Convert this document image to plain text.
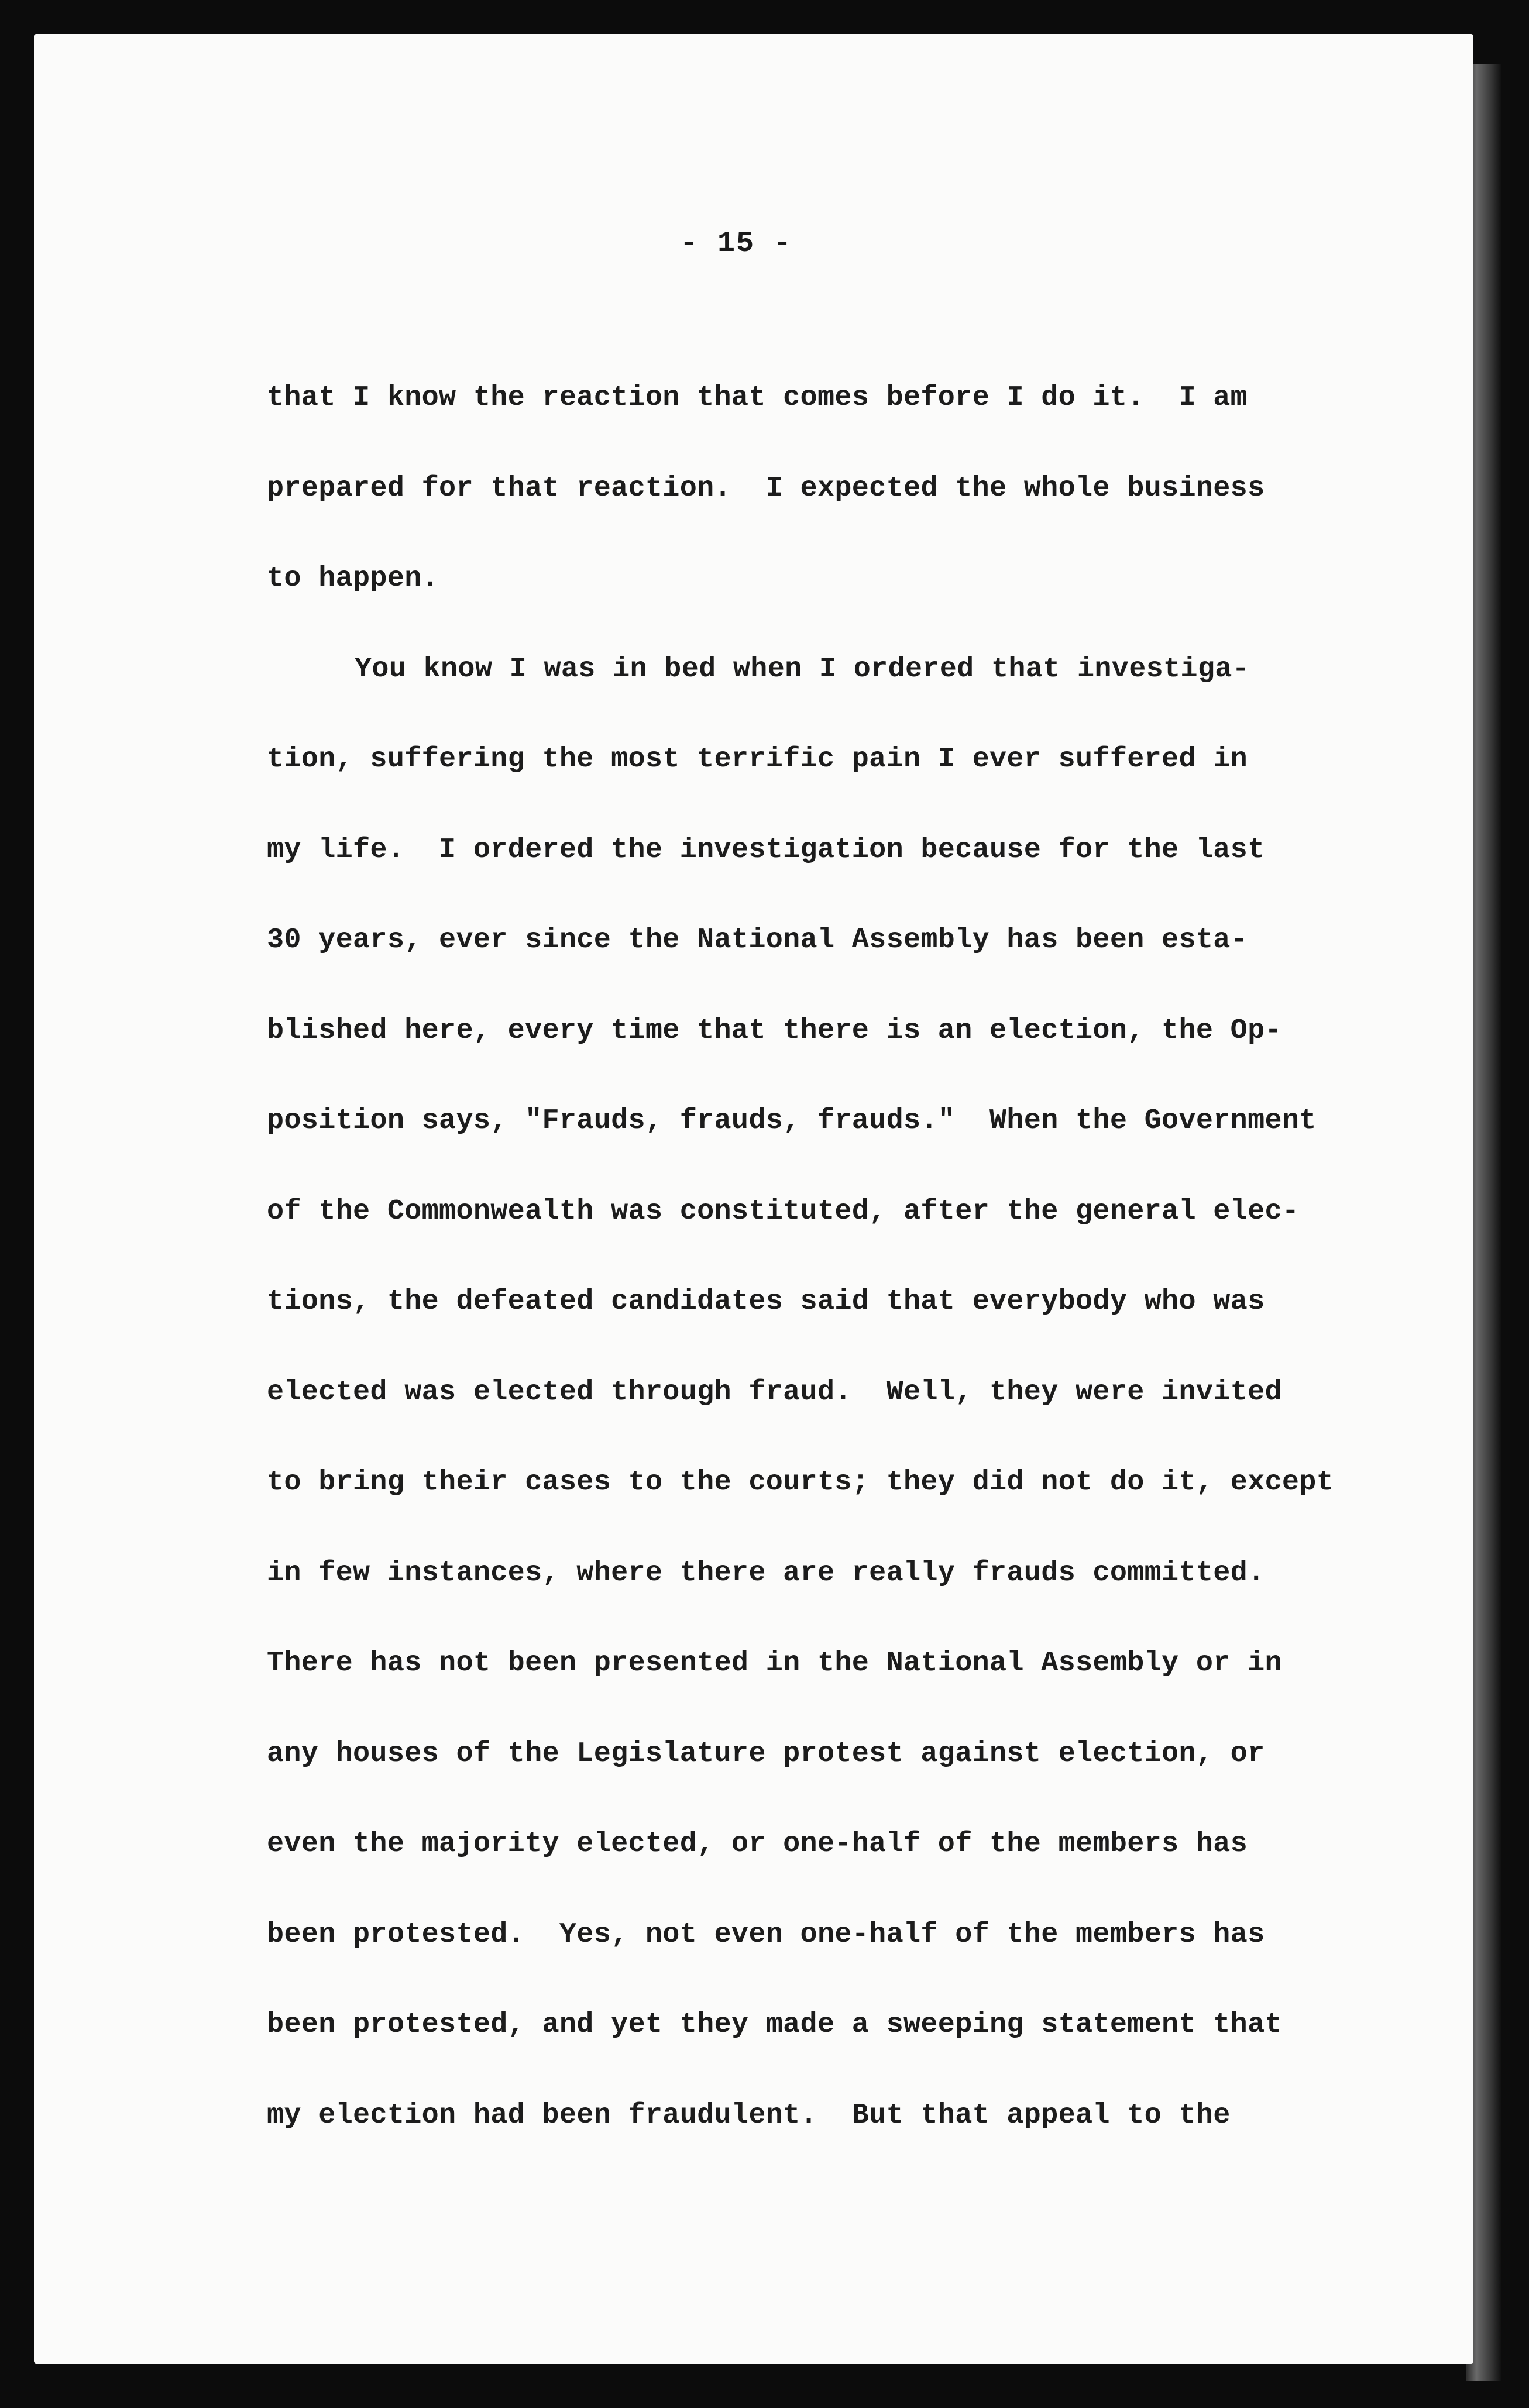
- 15 -
that I know the reaction that comes before I do it.  I am
prepared for that reaction.  I expected the whole business
to happen.
You know I was in bed when I ordered that investiga-
tion, suffering the most terrific pain I ever suffered in
my life.  I ordered the investigation because for the last
30 years, ever since the National Assembly has been esta-
blished here, every time that there is an election, the Op-
position says, "Frauds, frauds, frauds."  When the Government
of the Commonwealth was constituted, after the general elec-
tions, the defeated candidates said that everybody who was
elected was elected through fraud.  Well, they were invited
to bring their cases to the courts; they did not do it, except
in few instances, where there are really frauds committed.
There has not been presented in the National Assembly or in
any houses of the Legislature protest against election, or
even the majority elected, or one-half of the members has
been protested.  Yes, not even one-half of the members has
been protested, and yet they made a sweeping statement that
my election had been fraudulent.  But that appeal to the
